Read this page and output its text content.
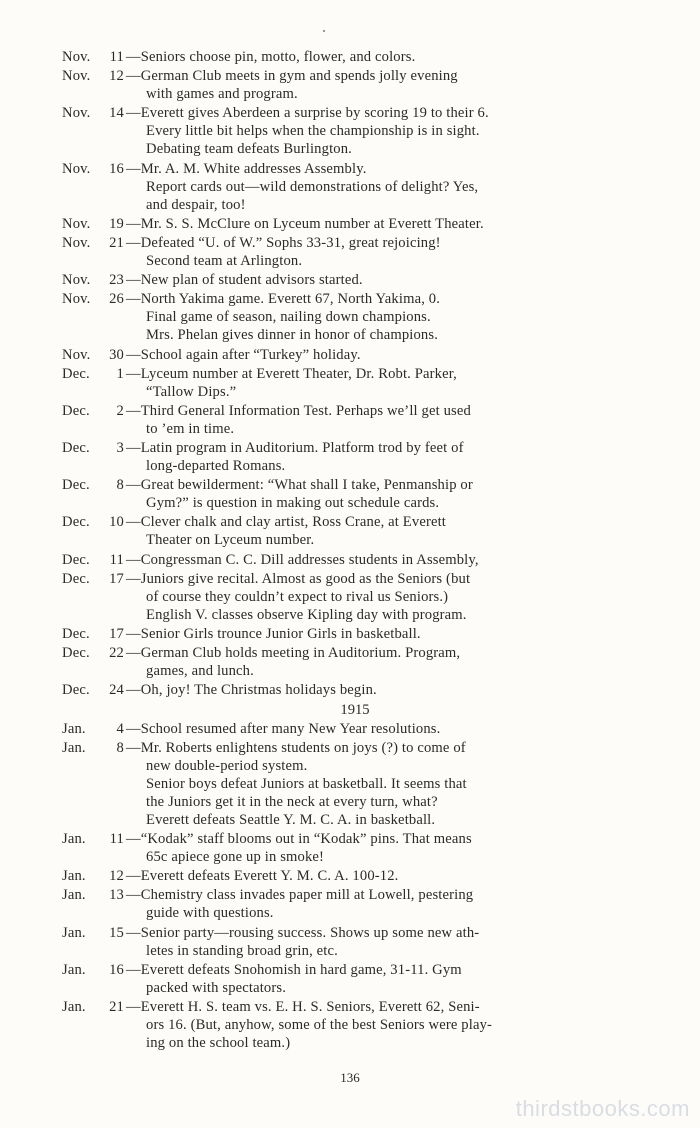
Nov.	11 —Seniors choose pin, motto, flower, and colors.
Nov.	12 —German Club meets in gym and spends jolly evening
with games and program.
Nov.	14 —Everett gives Aberdeen a surprise by scoring 19 to their 6.
Every little bit helps when the championship is in sight.
Debating team defeats Burlington.
Nov.	16 —Mr. A. M. White addresses Assembly.
Report cards out—wild demonstrations of delight? Yes,
and despair, too!
Nov.	19 —Mr. S. S. McClure on Lyceum number at Everett Theater.
Nov.	21 —Defeated “U. of W.” Sophs 33-31, great rejoicing!
Second team at Arlington.
Nov.	23 —New plan of student advisors started.
Nov.	26 —North Yakima game. Everett 67, North Yakima, 0.
Final game of season, nailing down champions.
Mrs. Phelan gives dinner in honor of champions.
Nov.	30 —School again after “Turkey” holiday.
Dec.	1 —Lyceum number at Everett Theater, Dr. Robt. Parker,
“Tallow Dips.”
Dec.	2 —Third General Information Test. Perhaps we’ll get used
to ’em in time.
Dec.	3 —Latin program in Auditorium. Platform trod by feet of
long-departed Romans.
Dec.	8 —Great bewilderment: “What shall I take, Penmanship or
Gym?” is question in making out schedule cards.
Dec.	10 —Clever chalk and clay artist, Ross Crane, at Everett
Theater on Lyceum number.
Dec.	11 —Congressman C. C. Dill addresses students in Assembly,
Dec.	17 —Juniors give recital. Almost as good as the Seniors (but
of course they couldn’t expect to rival us Seniors.)
English V. classes observe Kipling day with program.
Dec.	17 —Senior Girls trounce Junior Girls in basketball.
Dec.	22 —German Club holds meeting in Auditorium. Program,
games, and lunch.
Dec.	24 —Oh, joy! The Christmas holidays begin.
1915
Jan.	4 —School resumed after many New Year resolutions.
Jan.	8 —Mr. Roberts enlightens students on joys (?) to come of
new double-period system.
Senior boys defeat Juniors at basketball. It seems that
the Juniors get it in the neck at every turn, what?
Everett defeats Seattle Y. M. C. A. in basketball.
Jan.	11 —“Kodak” staff blooms out in “Kodak” pins. That means
65c apiece gone up in smoke!
Jan.	12 —Everett defeats Everett Y. M. C. A. 100-12.
Jan.	13 —Chemistry class invades paper mill at Lowell, pestering
guide with questions.
Jan.	15 —Senior party—rousing success. Shows up some new ath-
letes in standing broad grin, etc.
Jan.	16 —Everett defeats Snohomish in hard game, 31-11. Gym
packed with spectators.
Jan.	21 —Everett H. S. team vs. E. H. S. Seniors, Everett 62, Seni-
ors 16. (But, anyhow, some of the best Seniors were play-
ing on the school team.)
136
thirdstbooks.com
